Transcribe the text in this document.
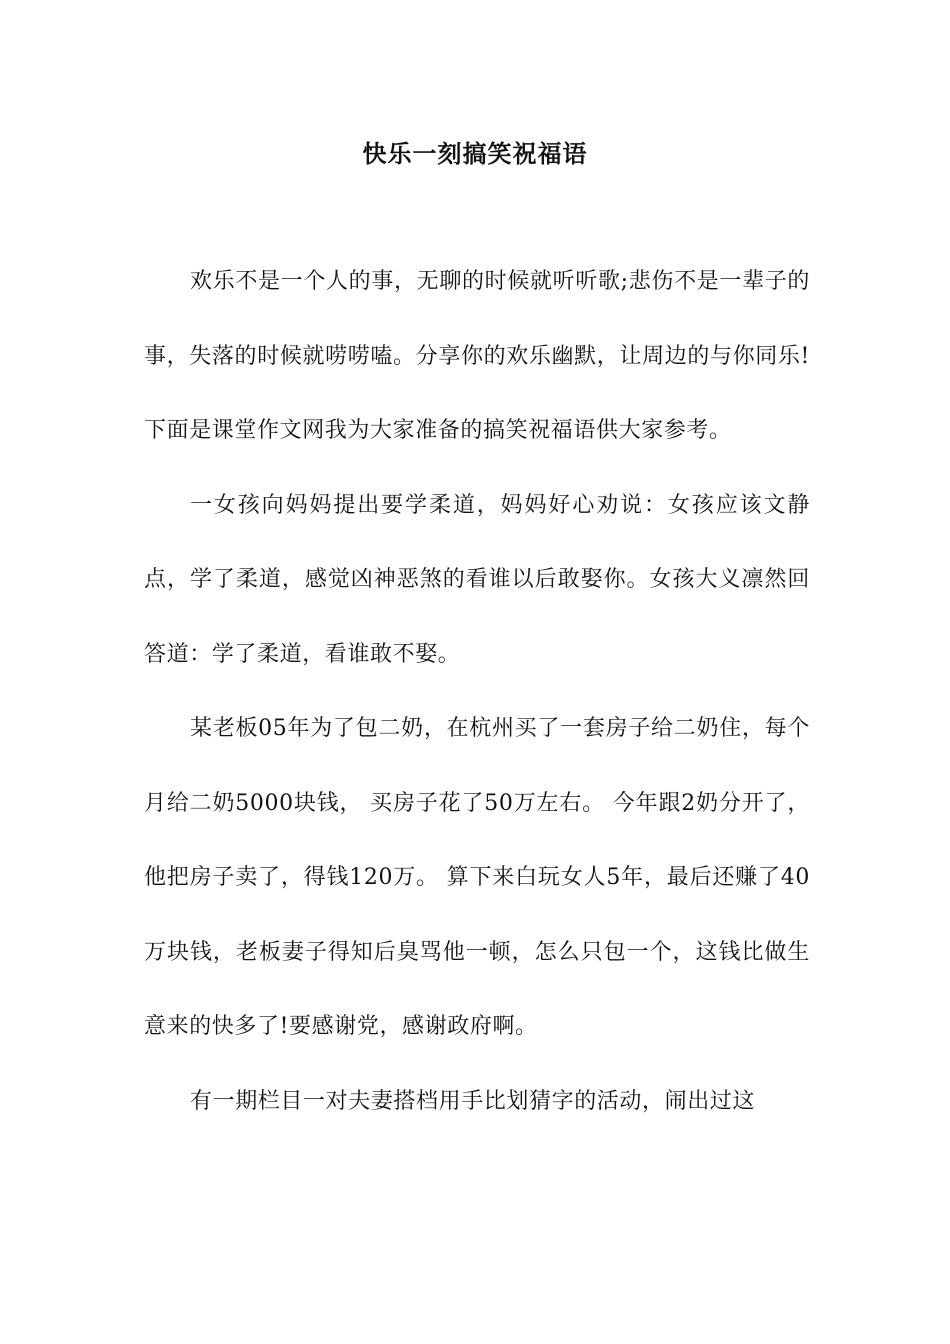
快乐一刻搞笑祝福语

欢乐不是一个人的事，无聊的时候就听听歌;悲伤不是一辈子的事，失落的时候就唠唠嗑。分享你的欢乐幽默，让周边的与你同乐!下面是课堂作文网我为大家准备的搞笑祝福语供大家参考。

一女孩向妈妈提出要学柔道，妈妈好心劝说：女孩应该文静点，学了柔道，感觉凶神恶煞的看谁以后敢娶你。女孩大义凛然回答道：学了柔道，看谁敢不娶。

某老板05年为了包二奶，在杭州买了一套房子给二奶住，每个月给二奶5000块钱， 买房子花了50万左右。 今年跟2奶分开了，他把房子卖了，得钱120万。 算下来白玩女人5年，最后还赚了40万块钱，老板妻子得知后臭骂他一顿，怎么只包一个，这钱比做生意来的快多了!要感谢党，感谢政府啊。

有一期栏目一对夫妻搭档用手比划猜字的活动，闹出过这
